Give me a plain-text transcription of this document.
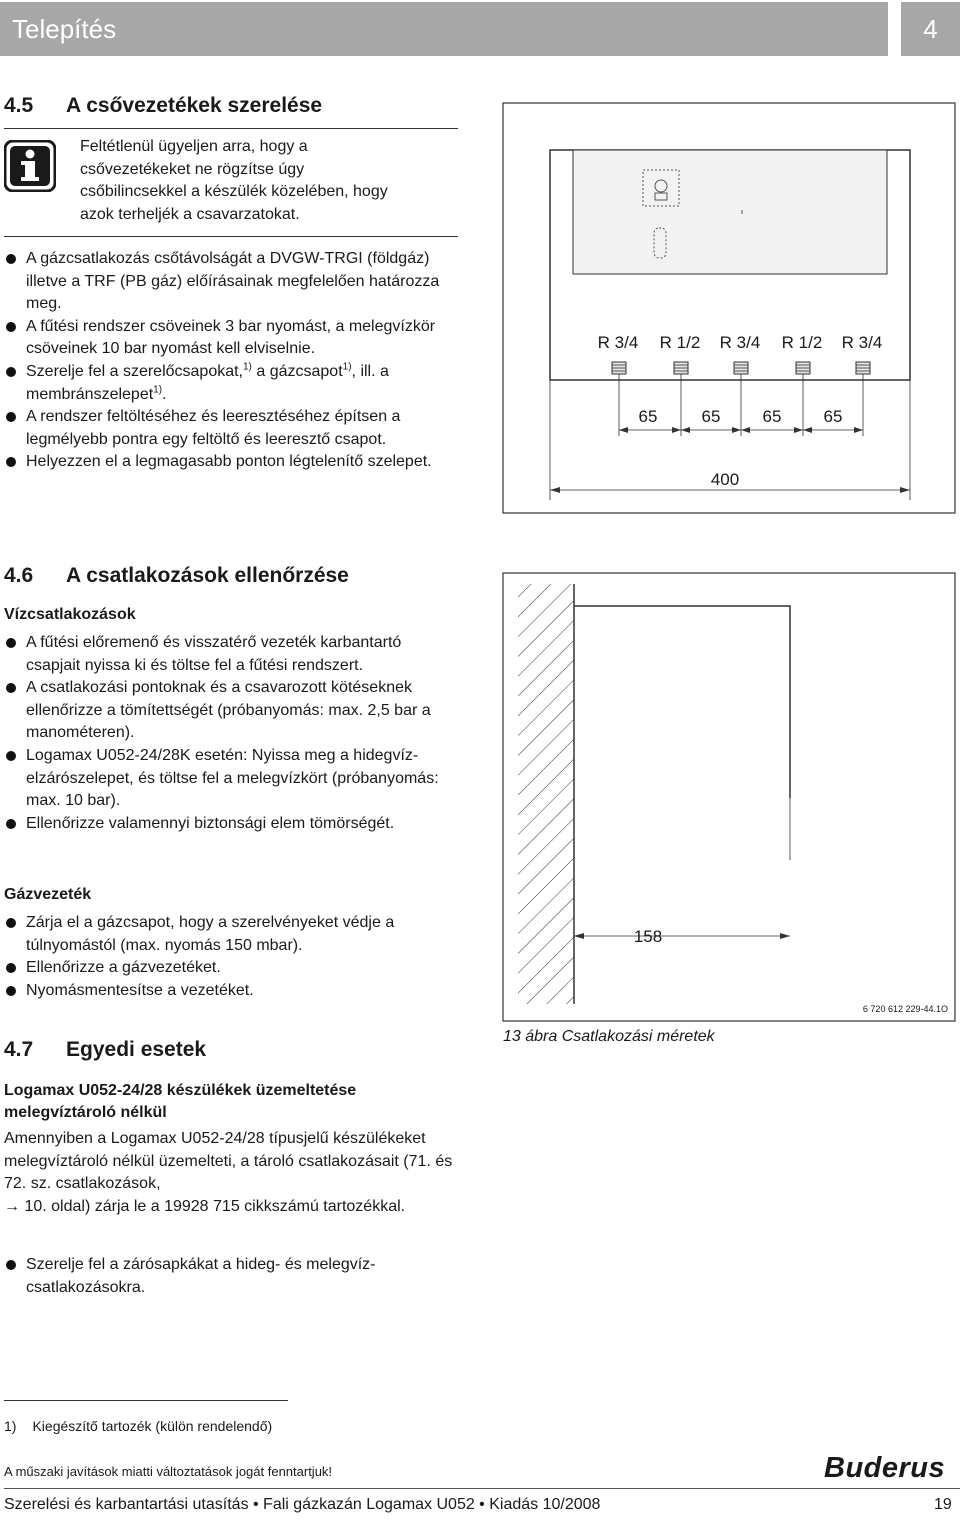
Telepítés	4
4.5 A csővezetékek szerelése
Feltétlenül ügyeljen arra, hogy a csővezetékeket ne rögzítse úgy csőbilincsekkel a készülék közelében, hogy azok terheljék a csavarzatokat.
A gázcsatlakozás csőtávolságát a DVGW-TRGI (földgáz) illetve a TRF (PB gáz) előírásainak megfelelően határozza meg.
A fűtési rendszer csöveinek 3 bar nyomást, a melegvízkör csöveinek 10 bar nyomást kell elviselnie.
Szerelje fel a szerelőcsapokat,$^{1)}$ a gázcsapot$^{1)}$, ill. a membránszelepet$^{1)}$.
A rendszer feltöltéséhez és leeresztéséhez építsen a legmélyebb pontra egy feltöltő és leeresztő csapot.
Helyezzen el a legmagasabb ponton légtelenítő szelepet.
4.6 A csatlakozások ellenőrzése
Vízcsatlakozások
A fűtési előremenő és visszatérő vezeték karbantartó csapjait nyissa ki és töltse fel a fűtési rendszert.
A csatlakozási pontoknak és a csavarozott kötéseknek ellenőrizze a tömítettségét (próbanyomás: max. 2,5 bar a manométeren).
Logamax U052-24/28K esetén: Nyissa meg a hidegvíz-elzárószelepet, és töltse fel a melegvízkört (próbanyomás: max. 10 bar).
Ellenőrizze valamennyi biztonsági elem tömörségét.
Gázvezeték
Zárja el a gázcsapot, hogy a szerelvényeket védje a túlnyomástól (max. nyomás 150 mbar).
Ellenőrizze a gázvezetéket.
Nyomásmentesítse a vezetéket.
4.7 Egyedi esetek
Logamax U052-24/28 készülékek üzemeltetése melegvíztároló nélkül
Amennyiben a Logamax U052-24/28 típusjelű készülékeket melegvíztároló nélkül üzemelteti, a tároló csatlakozásait (71. és 72. sz. csatlakozások,
→ 10. oldal) zárja le a 19928 715 cikkszámú tartozékkal.
Szerelje fel a zárósapkákat a hideg- és melegvíz-csatlakozásokra.
R 3/4 R 1/2 R 3/4 R 1/2 R 3/4
65	65 65 65
400
158
6 720 612 229-44.1O
13 ábra Csatlakozási méretek
1) Kiegészítő tartozék (külön rendelendő)
A műszaki javítások miatti változtatások jogát fenntartjuk!	Buderus
Szerelési és karbantartási utasítás • Fali gázkazán Logamax U052 • Kiadás 10/2008	19
